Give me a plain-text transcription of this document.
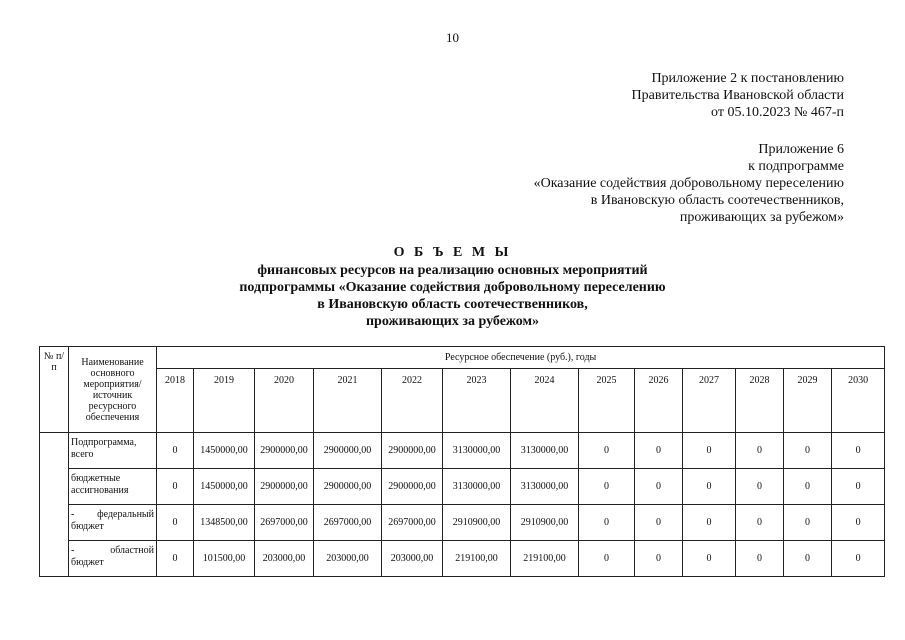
10
Приложение 2 к постановлению
Правительства Ивановской области
от 05.10.2023 № 467-п
Приложение 6
к подпрограмме
«Оказание содействия добровольному переселению
в Ивановскую область соотечественников,
проживающих за рубежом»
О Б Ъ Е М Ы
финансовых ресурсов на реализацию основных мероприятий
подпрограммы «Оказание содействия добровольному переселению
в Ивановскую область соотечественников,
проживающих за рубежом»
№ п/п	Наименование основного мероприятия/ источник ресурсного обеспечения	Ресурсное обеспечение (руб.), годы												
		2018	2019	2020	2021	2022	2023	2024	2025	2026	2027	2028	2029	2030

	Подпрограмма,
всего	0	1450000,00	2900000,00	2900000,00	2900000,00	3130000,00	3130000,00	0	0	0	0	0	0

	бюджетные
ассигнования	0	1450000,00	2900000,00	2900000,00	2900000,00	3130000,00	3130000,00	0	0	0	0	0	0

	- федеральный
бюджет	0	1348500,00	2697000,00	2697000,00	2697000,00	2910900,00	2910900,00	0	0	0	0	0	0

	- областной
бюджет	0	101500,00	203000,00	203000,00	203000,00	219100,00	219100,00	0	0	0	0	0	0
